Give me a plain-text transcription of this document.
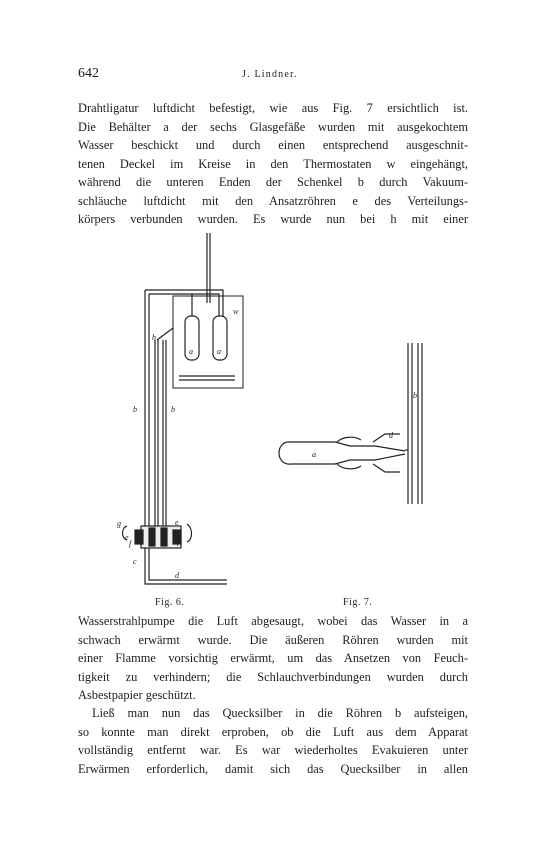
642	J. Lindner.
Drahtligatur luftdicht befestigt, wie aus Fig. 7 ersichtlich ist.
Die Behälter a der sechs Glasgefäße wurden mit ausgekochtem
Wasser beschickt und durch einen entsprechend ausgeschnit-
tenen Deckel im Kreise in den Thermostaten w eingehängt,
während die unteren Enden der Schenkel b durch Vakuum-
schläuche luftdicht mit den Ansatzröhren e des Verteilungs-
körpers verbunden wurden. Es wurde nun bei h mit einer
w
h
a	a
b	b
g	e
e
f	f
c
d
a
b
d
Fig. 6.	Fig. 7.
Wasserstrahlpumpe die Luft abgesaugt, wobei das Wasser in a
schwach erwärmt wurde. Die äußeren Röhren wurden mit
einer Flamme vorsichtig erwärmt, um das Ansetzen von Feuch-
tigkeit zu verhindern; die Schlauchverbindungen wurden durch
Asbestpapier geschützt.
Ließ man nun das Quecksilber in die Röhren b aufsteigen,
so konnte man direkt erproben, ob die Luft aus dem Apparat
vollständig entfernt war. Es war wiederholtes Evakuieren unter
Erwärmen erforderlich, damit sich das Quecksilber in allen
